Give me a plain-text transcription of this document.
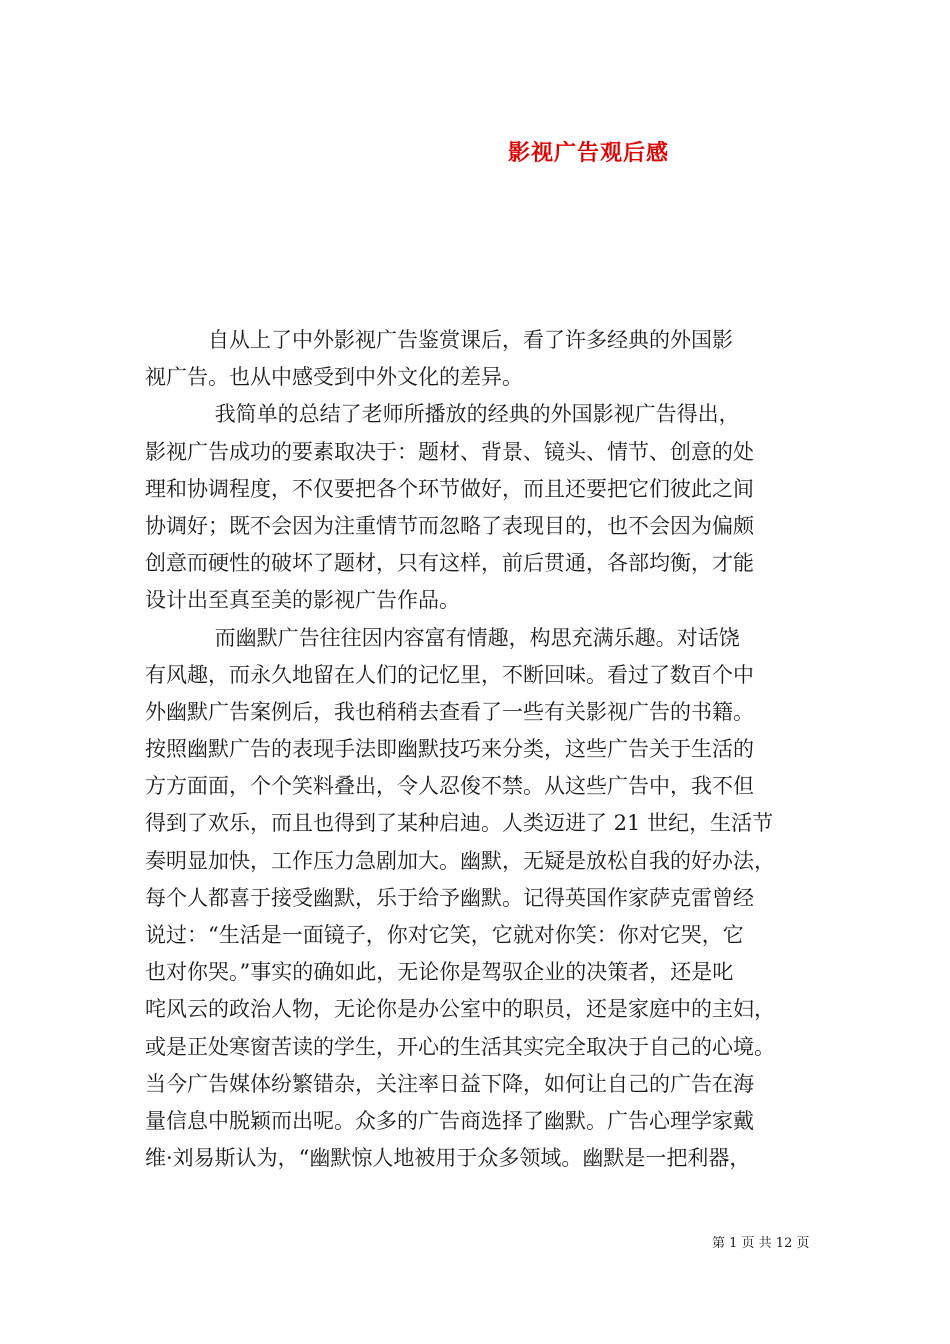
影视广告观后感
　　　自从上了中外影视广告鉴赏课后，看了许多经典的外国影
视广告。也从中感受到中外文化的差异。
　　　 我简单的总结了老师所播放的经典的外国影视广告得出，
影视广告成功的要素取决于：题材、背景、镜头、情节、创意的处
理和协调程度，不仅要把各个环节做好，而且还要把它们彼此之间
协调好；既不会因为注重情节而忽略了表现目的，也不会因为偏颇
创意而硬性的破坏了题材，只有这样，前后贯通，各部均衡，才能
设计出至真至美的影视广告作品。
　　　 而幽默广告往往因内容富有情趣，构思充满乐趣。对话饶
有风趣，而永久地留在人们的记忆里，不断回味。看过了数百个中
外幽默广告案例后，我也稍稍去查看了一些有关影视广告的书籍。
按照幽默广告的表现手法即幽默技巧来分类，这些广告关于生活的
方方面面，个个笑料叠出，令人忍俊不禁。从这些广告中，我不但
得到了欢乐，而且也得到了某种启迪。人类迈进了 21 世纪，生活节
奏明显加快，工作压力急剧加大。幽默，无疑是放松自我的好办法，
每个人都喜于接受幽默，乐于给予幽默。记得英国作家萨克雷曾经
说过：“生活是一面镜子，你对它笑，它就对你笑：你对它哭，它
也对你哭。”事实的确如此，无论你是驾驭企业的决策者，还是叱
咤风云的政治人物，无论你是办公室中的职员，还是家庭中的主妇，
或是正处寒窗苦读的学生，开心的生活其实完全取决于自己的心境。
当今广告媒体纷繁错杂，关注率日益下降，如何让自己的广告在海
量信息中脱颖而出呢。众多的广告商选择了幽默。广告心理学家戴
维·刘易斯认为，“幽默惊人地被用于众多领域。幽默是一把利器，
第 1 页 共 12 页
